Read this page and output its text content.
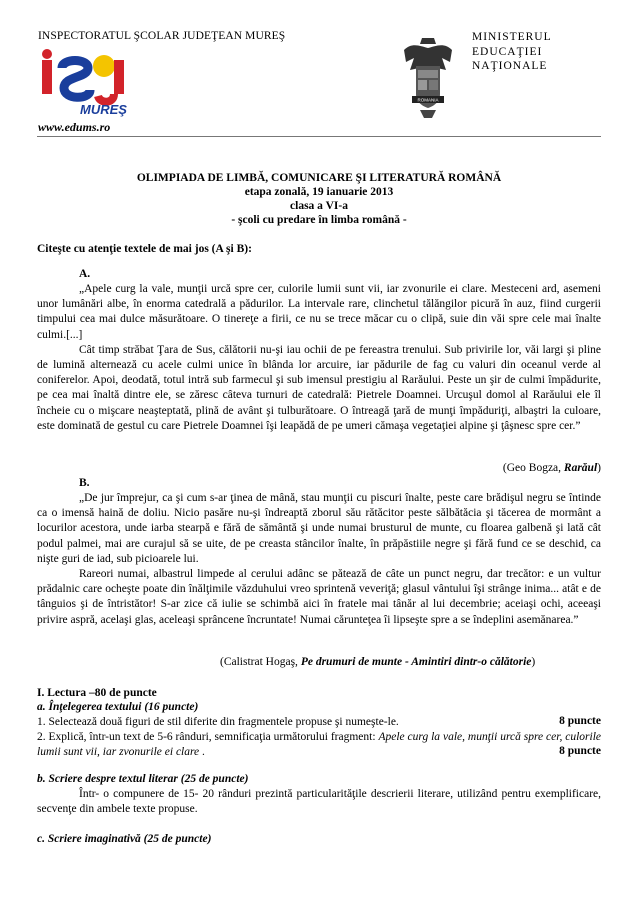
INSPECTORATUL ŞCOLAR JUDEŢEAN MUREŞ	MINISTERUL
EDUCAŢIEI
NAŢIONALE
MUREŞ
ROMANIA
www.edums.ro
OLIMPIADA DE LIMBĂ, COMUNICARE ŞI LITERATURĂ ROMÂNĂ
etapa zonală, 19 ianuarie 2013
clasa a VI-a
- şcoli cu predare în limba română -
Citeşte cu atenţie textele de mai jos (A şi B):
A.

„Apele curg la vale, munţii urcă spre cer, culorile lumii sunt vii, iar zvonurile ei clare. Mesteceni ard, asemeni unor lumânări albe, în enorma catedrală a pădurilor. La intervale rare, clinchetul tălăngilor picură în auz, fiind curgerii timpului cea mai dulce măsurătoare. O tinereţe a firii, ce nu se trece măcar cu o clipă, suie din văi spre cele mai înalte culmi.[...]

Cât timp străbat Ţara de Sus, călătorii nu-şi iau ochii de pe fereastra trenului. Sub privirile lor, văi largi şi pline de lumină alternează cu acele culmi unice în blânda lor arcuire, iar pădurile de fag cu valuri din oceanul verde al coniferelor. Apoi, deodată, totul intră sub farmecul şi sub imensul prestigiu al Rarăului. Peste un şir de culmi împădurite, pe cea mai înaltă dintre ele, se zăresc câteva turnuri de catedrală: Pietrele Doamnei. Urcuşul domol al Rarăului ele îl încheie cu o mişcare neaşteptată, plină de avânt şi tulburătoare. O întreagă ţară de munţi împăduriţi, albaştri la culoare, este dominată de gestul cu care Pietrele Doamnei îşi leapădă de pe umeri cămaşa vegetaţiei alpine şi ţâşnesc spre cer.”

(Geo Bogza, Rarăul)
B.

„De jur împrejur, ca şi cum s-ar ţinea de mână, stau munţii cu piscuri înalte, peste care brădişul negru se întinde ca o imensă haină de doliu. Nicio pasăre nu-şi îndreaptă zborul său rătăcitor peste sălbătăcia şi tăcerea de mormânt a locurilor acestora, unde iarba stearpă e fără de sământă şi unde numai brusturul de munte, cu floarea galbenă şi lată cât podul palmei, mai are curajul să se uite, de pe creasta stâncilor înalte, în prăpăstiile negre şi fără fund ce se deschid, ca nişte guri de iad, sub picioarele lui.

Rareori numai, albastrul limpede al cerului adânc se pătează de câte un punct negru, dar trecător: e un vultur prădalnic care ocheşte poate din înălţimile văzduhului vreo sprintenă veveriţă; glasul vântului îşi strânge inima... atât e de tânguios şi de întristător! S-ar zice că iulie se schimbă aici în fratele mai tânăr al lui decembrie; aceiaşi ochi, aceeaşi privire aspră, acelaşi glas, aceleaşi sprâncene încruntate! Numai cărunteţea îi lipseşte spre a se îndeplini asemănarea.”

(Calistrat Hogaş, Pe drumuri de munte - Amintiri dintr-o călătorie)
I. Lectura –80 de puncte
a. Înţelegerea textului (16 puncte)
1. Selectează două figuri de stil diferite din fragmentele propuse şi numeşte-le.	8 puncte
2. Explică, într-un text de 5-6 rânduri, semnificaţia următorului fragment: Apele curg la vale, munţii urcă spre cer, culorile lumii sunt vii, iar zvonurile ei clare .	8 puncte
b. Scriere despre textul literar (25 de puncte)
Într- o compunere de 15- 20 rânduri prezintă particularităţile descrierii literare, utilizând pentru exemplificare, secvenţe din ambele texte propuse.
c. Scriere imaginativă (25 de puncte)
